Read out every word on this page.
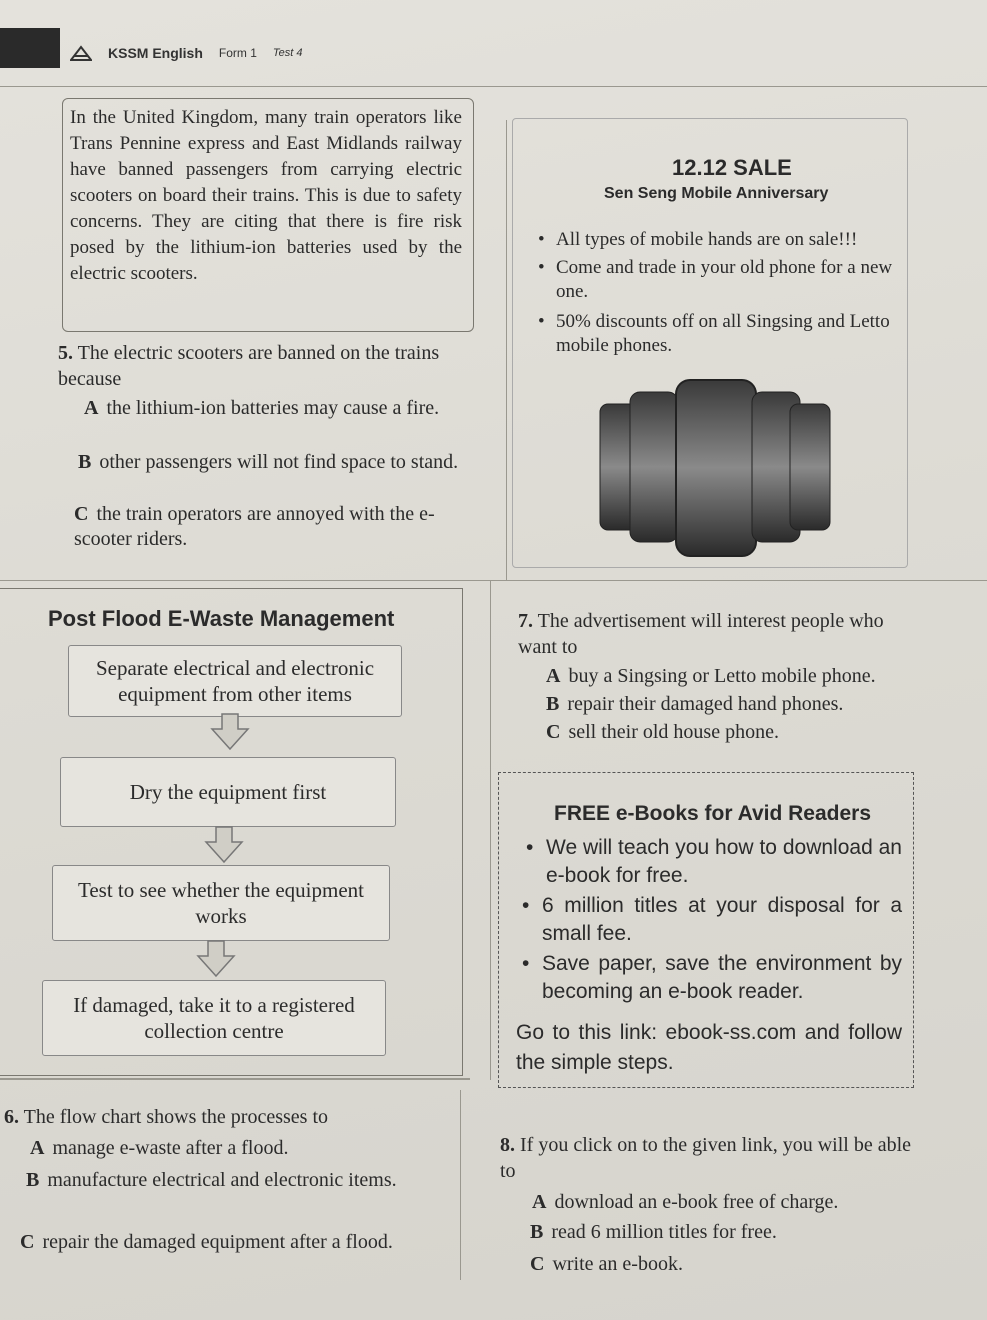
KSSM English Form 1 Test 4
In the United Kingdom, many train operators like Trans Pennine express and East Midlands railway have banned passengers from carrying electric scooters on board their trains. This is due to safety concerns. They are citing that there is fire risk posed by the lithium-ion batteries used by the electric scooters.
5. The electric scooters are banned on the trains because
A the lithium-ion batteries may cause a fire.
B other passengers will not find space to stand.
C the train operators are annoyed with the e-scooter riders.
12.12 SALE
Sen Seng Mobile Anniversary
• All types of mobile hands are on sale!!!
• Come and trade in your old phone for a new one.
• 50% discounts off on all Singsing and Letto mobile phones.
Post Flood E-Waste Management
Separate electrical and electronic equipment from other items
Dry the equipment first
Test to see whether the equipment works
If damaged, take it to a registered collection centre
7. The advertisement will interest people who want to
A buy a Singsing or Letto mobile phone.
B repair their damaged hand phones.
C sell their old house phone.
FREE e-Books for Avid Readers
• We will teach you how to download an e-book for free.
• 6 million titles at your disposal for a small fee.
• Save paper, save the environment by becoming an e-book reader.
Go to this link: ebook-ss.com and follow the simple steps.
6. The flow chart shows the processes to
A manage e-waste after a flood.
B manufacture electrical and electronic items.
C repair the damaged equipment after a flood.
8. If you click on to the given link, you will be able to
A download an e-book free of charge.
B read 6 million titles for free.
C write an e-book.
